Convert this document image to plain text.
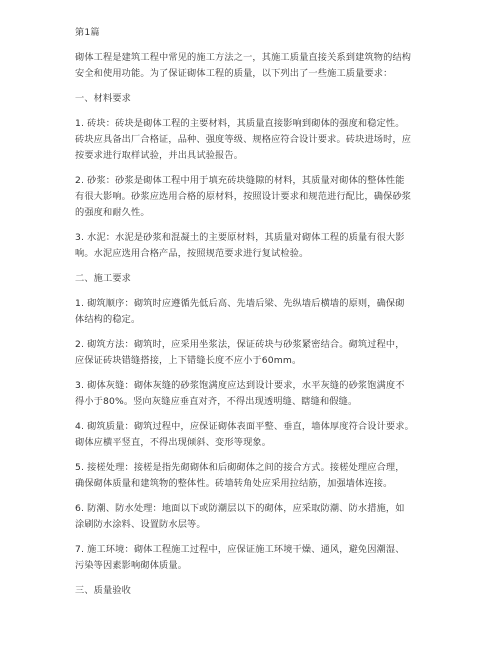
第1篇
砌体工程是建筑工程中常见的施工方法之一，其施工质量直接关系到建筑物的结构
安全和使用功能。为了保证砌体工程的质量，以下列出了一些施工质量要求：
一、材料要求
1. 砖块：砖块是砌体工程的主要材料，其质量直接影响到砌体的强度和稳定性。
砖块应具备出厂合格证，品种、强度等级、规格应符合设计要求。砖块进场时，应
按要求进行取样试验，并出具试验报告。
2. 砂浆：砂浆是砌体工程中用于填充砖块缝隙的材料，其质量对砌体的整体性能
有很大影响。砂浆应选用合格的原材料，按照设计要求和规范进行配比，确保砂浆
的强度和耐久性。
3. 水泥：水泥是砂浆和混凝土的主要原材料，其质量对砌体工程的质量有很大影
响。水泥应选用合格产品，按照规范要求进行复试检验。
二、施工要求
1. 砌筑顺序：砌筑时应遵循先低后高、先墙后梁、先纵墙后横墙的原则，确保砌
体结构的稳定。
2. 砌筑方法：砌筑时，应采用坐浆法，保证砖块与砂浆紧密结合。砌筑过程中，
应保证砖块错缝搭接，上下错缝长度不应小于60mm。
3. 砌体灰缝：砌体灰缝的砂浆饱满度应达到设计要求，水平灰缝的砂浆饱满度不
得小于80%。竖向灰缝应垂直对齐，不得出现透明缝、瞎缝和假缝。
4. 砌筑质量：砌筑过程中，应保证砌体表面平整、垂直，墙体厚度符合设计要求。
砌体应横平竖直，不得出现倾斜、变形等现象。
5. 接槎处理：接槎是指先砌砌体和后砌砌体之间的接合方式。接槎处理应合理，
确保砌体质量和建筑物的整体性。砖墙转角处应采用拉结筋，加强墙体连接。
6. 防潮、防水处理：地面以下或防潮层以下的砌体，应采取防潮、防水措施，如
涂刷防水涂料、设置防水层等。
7. 施工环境：砌体工程施工过程中，应保证施工环境干燥、通风，避免因潮湿、
污染等因素影响砌体质量。
三、质量验收
